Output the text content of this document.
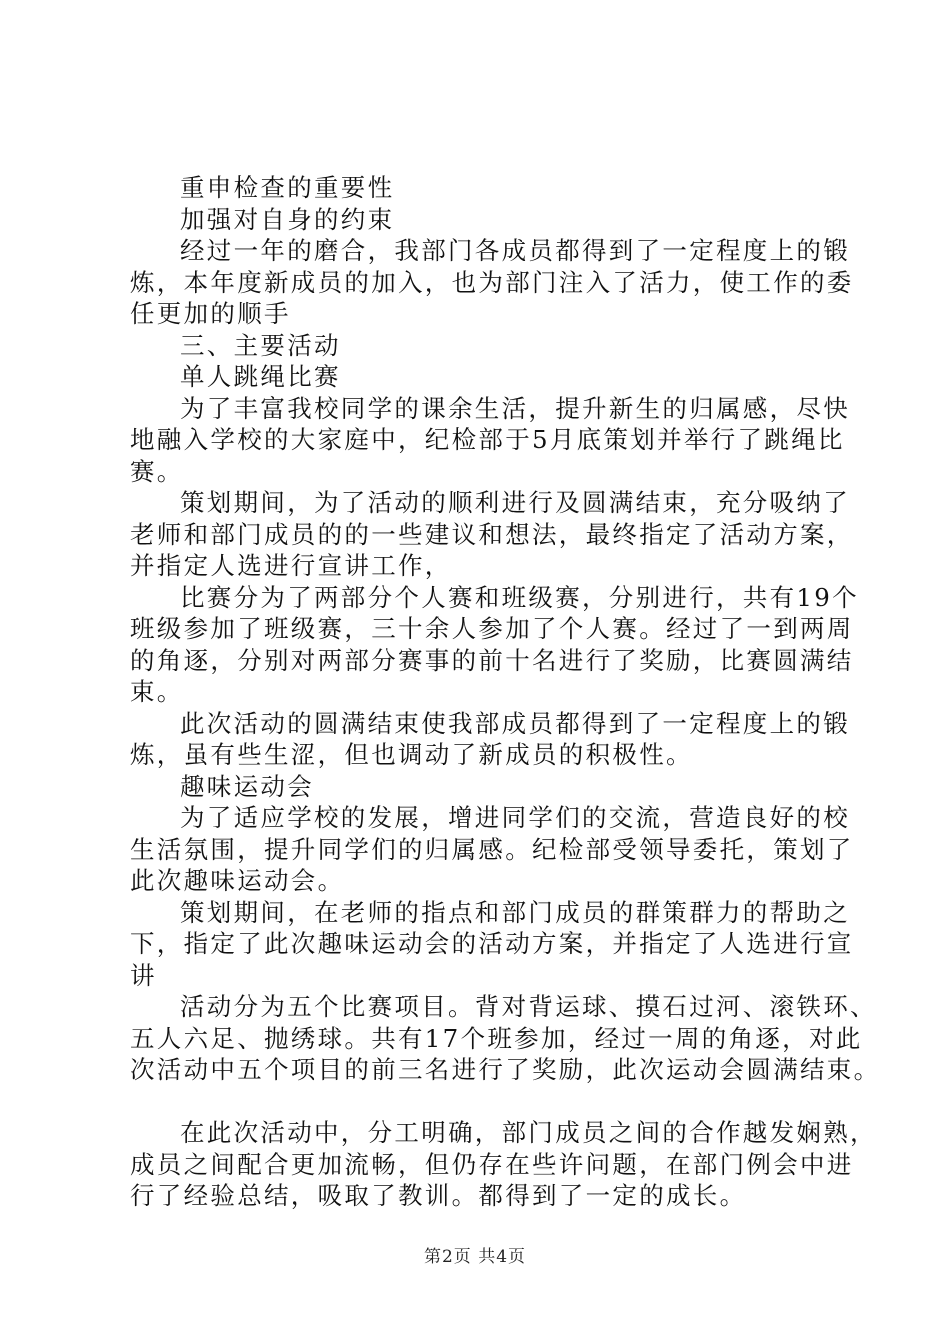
重申检查的重要性
加强对自身的约束
经过一年的磨合，我部门各成员都得到了一定程度上的锻
炼，本年度新成员的加入，也为部门注入了活力，使工作的委
任更加的顺手
三、主要活动
单人跳绳比赛
为了丰富我校同学的课余生活，提升新生的归属感，尽快
地融入学校的大家庭中，纪检部于5月底策划并举行了跳绳比
赛。
策划期间，为了活动的顺利进行及圆满结束，充分吸纳了
老师和部门成员的的一些建议和想法，最终指定了活动方案，
并指定人选进行宣讲工作，
比赛分为了两部分个人赛和班级赛，分别进行，共有19个
班级参加了班级赛，三十余人参加了个人赛。经过了一到两周
的角逐，分别对两部分赛事的前十名进行了奖励，比赛圆满结
束。
此次活动的圆满结束使我部成员都得到了一定程度上的锻
炼，虽有些生涩，但也调动了新成员的积极性。
趣味运动会
为了适应学校的发展，增进同学们的交流，营造良好的校
生活氛围，提升同学们的归属感。纪检部受领导委托，策划了
此次趣味运动会。
策划期间，在老师的指点和部门成员的群策群力的帮助之
下，指定了此次趣味运动会的活动方案，并指定了人选进行宣
讲
活动分为五个比赛项目。背对背运球、摸石过河、滚铁环、
五人六足、抛绣球。共有17个班参加，经过一周的角逐，对此
次活动中五个项目的前三名进行了奖励，此次运动会圆满结束。
在此次活动中，分工明确，部门成员之间的合作越发娴熟，
成员之间配合更加流畅，但仍存在些许问题，在部门例会中进
行了经验总结，吸取了教训。都得到了一定的成长。
第2页 共4页
